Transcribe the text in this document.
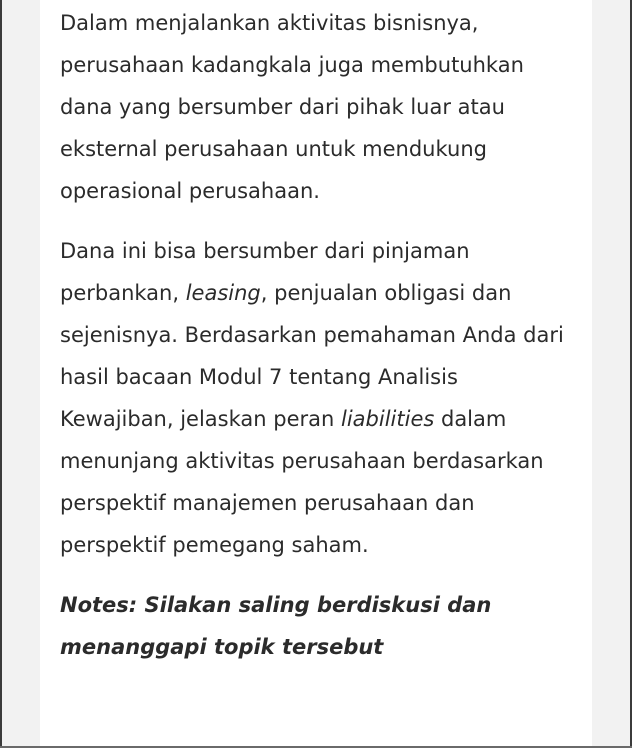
Dalam menjalankan aktivitas bisnisnya, perusahaan kadangkala juga membutuhkan dana yang bersumber dari pihak luar atau eksternal perusahaan untuk mendukung operasional perusahaan.

Dana ini bisa bersumber dari pinjaman perbankan, leasing, penjualan obligasi dan sejenisnya. Berdasarkan pemahaman Anda dari hasil bacaan Modul 7 tentang Analisis Kewajiban, jelaskan peran liabilities dalam menunjang aktivitas perusahaan berdasarkan perspektif manajemen perusahaan dan perspektif pemegang saham.

Notes: Silakan saling berdiskusi dan menanggapi topik tersebut
